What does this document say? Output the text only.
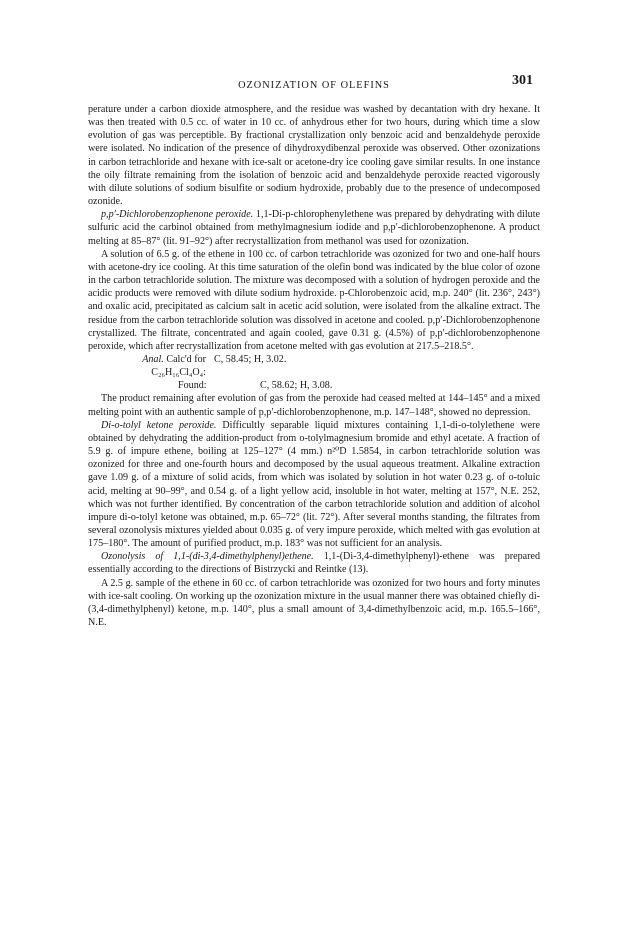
OZONIZATION OF OLEFINS	301

perature under a carbon dioxide atmosphere, and the residue was washed by decantation with dry hexane. It was then treated with 0.5 cc. of water in 10 cc. of anhydrous ether for two hours, during which time a slow evolution of gas was perceptible. By fractional crystallization only benzoic acid and benzaldehyde peroxide were isolated. No indication of the presence of dihydroxydibenzal peroxide was observed. Other ozonizations in carbon tetrachloride and hexane with ice-salt or acetone-dry ice cooling gave similar results. In one instance the oily filtrate remaining from the isolation of benzoic acid and benzaldehyde peroxide reacted vigorously with dilute solutions of sodium bisulfite or sodium hydroxide, probably due to the presence of undecomposed ozonide.

p,p′-Dichlorobenzophenone peroxide. 1,1-Di-p-chlorophenylethene was prepared by dehydrating with dilute sulfuric acid the carbinol obtained from methylmagnesium iodide and p,p′-dichlorobenzophenone. A product melting at 85–87° (lit. 91–92°) after recrystallization from methanol was used for ozonization.

A solution of 6.5 g. of the ethene in 100 cc. of carbon tetrachloride was ozonized for two and one-half hours with acetone-dry ice cooling. At this time saturation of the olefin bond was indicated by the blue color of ozone in the carbon tetrachloride solution. The mixture was decomposed with a solution of hydrogen peroxide and the acidic products were removed with dilute sodium hydroxide. p-Chlorobenzoic acid, m.p. 240° (lit. 236°, 243°) and oxalic acid, precipitated as calcium salt in acetic acid solution, were isolated from the alkaline extract. The residue from the carbon tetrachloride solution was dissolved in acetone and cooled. p,p′-Dichlorobenzophenone crystallized. The filtrate, concentrated and again cooled, gave 0.31 g. (4.5%) of p,p′-dichlorobenzophenone peroxide, which after recrystallization from acetone melted with gas evolution at 217.5–218.5°.

Anal. Calc'd for C₂₆H₁₆Cl₄O₄:
C, 58.45; H, 3.02.
Found:	C, 58.62; H, 3.08.

The product remaining after evolution of gas from the peroxide had ceased melted at 144–145° and a mixed melting point with an authentic sample of p,p′-dichlorobenzophenone, m.p. 147–148°, showed no depression.

Di-o-tolyl ketone peroxide. Difficultly separable liquid mixtures containing 1,1-di-o-tolylethene were obtained by dehydrating the addition-product from o-tolylmagnesium bromide and ethyl acetate. A fraction of 5.9 g. of impure ethene, boiling at 125–127° (4 mm.) n²⁰D 1.5854, in carbon tetrachloride solution was ozonized for three and one-fourth hours and decomposed by the usual aqueous treatment. Alkaline extraction gave 1.09 g. of a mixture of solid acids, from which was isolated by solution in hot water 0.23 g. of o-toluic acid, melting at 90–99°, and 0.54 g. of a light yellow acid, insoluble in hot water, melting at 157°, N.E. 252, which was not further identified. By concentration of the carbon tetrachloride solution and addition of alcohol impure di-o-tolyl ketone was obtained, m.p. 65–72° (lit. 72°). After several months standing, the filtrates from several ozonolysis mixtures yielded about 0.035 g. of very impure peroxide, which melted with gas evolution at 175–180°. The amount of purified product, m.p. 183° was not sufficient for an analysis.

Ozonolysis of 1,1-(di-3,4-dimethylphenyl)ethene. 1,1-(Di-3,4-dimethylphenyl)-ethene was prepared essentially according to the directions of Bistrzycki and Reintke (13).

A 2.5 g. sample of the ethene in 60 cc. of carbon tetrachloride was ozonized for two hours and forty minutes with ice-salt cooling. On working up the ozonization mixture in the usual manner there was obtained chiefly di-(3,4-dimethylphenyl) ketone, m.p. 140°, plus a small amount of 3,4-dimethylbenzoic acid, m.p. 165.5–166°, N.E.
